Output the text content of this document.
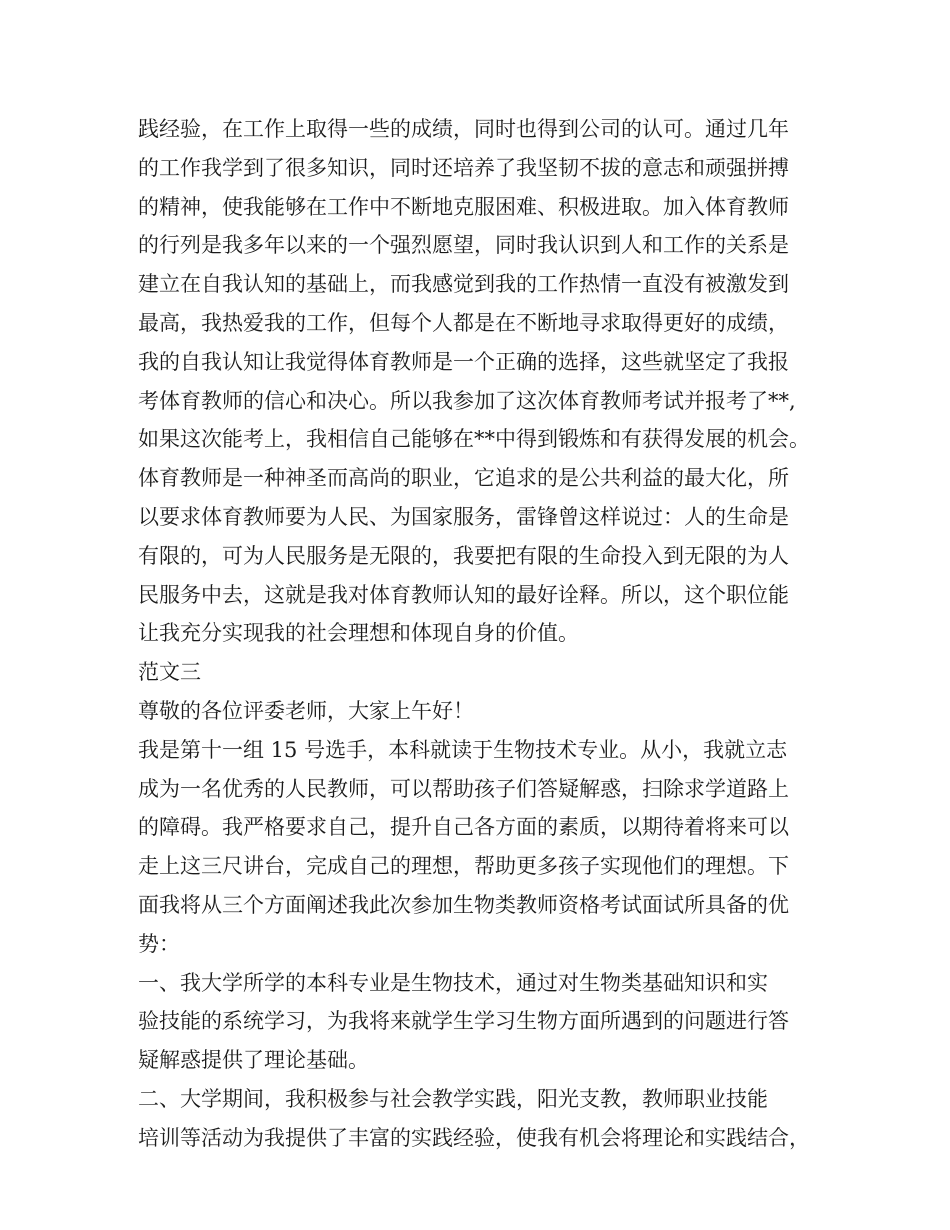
践经验，在工作上取得一些的成绩，同时也得到公司的认可。通过几年
的工作我学到了很多知识，同时还培养了我坚韧不拔的意志和顽强拼搏
的精神，使我能够在工作中不断地克服困难、积极进取。加入体育教师
的行列是我多年以来的一个强烈愿望，同时我认识到人和工作的关系是
建立在自我认知的基础上，而我感觉到我的工作热情一直没有被激发到
最高，我热爱我的工作，但每个人都是在不断地寻求取得更好的成绩，
我的自我认知让我觉得体育教师是一个正确的选择，这些就坚定了我报
考体育教师的信心和决心。所以我参加了这次体育教师考试并报考了**,
如果这次能考上，我相信自己能够在**中得到锻炼和有获得发展的机会。
体育教师是一种神圣而高尚的职业，它追求的是公共利益的最大化，所
以要求体育教师要为人民、为国家服务，雷锋曾这样说过：人的生命是
有限的，可为人民服务是无限的，我要把有限的生命投入到无限的为人
民服务中去，这就是我对体育教师认知的最好诠释。所以，这个职位能
让我充分实现我的社会理想和体现自身的价值。
范文三
尊敬的各位评委老师，大家上午好！
我是第十一组 15 号选手，本科就读于生物技术专业。从小，我就立志
成为一名优秀的人民教师，可以帮助孩子们答疑解惑，扫除求学道路上
的障碍。我严格要求自己，提升自己各方面的素质，以期待着将来可以
走上这三尺讲台，完成自己的理想，帮助更多孩子实现他们的理想。下
面我将从三个方面阐述我此次参加生物类教师资格考试面试所具备的优
势：
一、我大学所学的本科专业是生物技术，通过对生物类基础知识和实
验技能的系统学习，为我将来就学生学习生物方面所遇到的问题进行答
疑解惑提供了理论基础。
二、大学期间，我积极参与社会教学实践，阳光支教，教师职业技能
培训等活动为我提供了丰富的实践经验，使我有机会将理论和实践结合，
